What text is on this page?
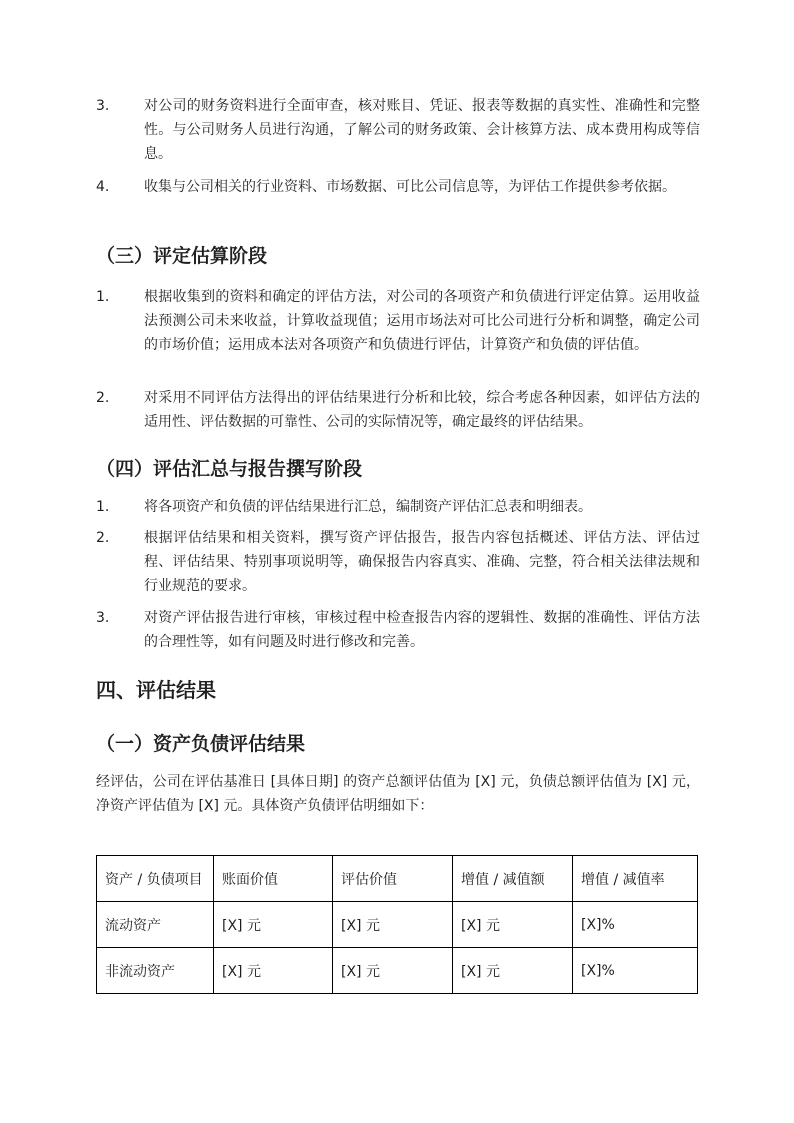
3.	对公司的财务资料进行全面审查，核对账目、凭证、报表等数据的真实性、准确性和完整性。与公司财务人员进行沟通，了解公司的财务政策、会计核算方法、成本费用构成等信息。
4.	收集与公司相关的行业资料、市场数据、可比公司信息等，为评估工作提供参考依据。
（三）评定估算阶段
1.	根据收集到的资料和确定的评估方法，对公司的各项资产和负债进行评定估算。运用收益法预测公司未来收益，计算收益现值；运用市场法对可比公司进行分析和调整，确定公司的市场价值；运用成本法对各项资产和负债进行评估，计算资产和负债的评估值。
2.	对采用不同评估方法得出的评估结果进行分析和比较，综合考虑各种因素，如评估方法的适用性、评估数据的可靠性、公司的实际情况等，确定最终的评估结果。
（四）评估汇总与报告撰写阶段
1.	将各项资产和负债的评估结果进行汇总，编制资产评估汇总表和明细表。
2.	根据评估结果和相关资料，撰写资产评估报告，报告内容包括概述、评估方法、评估过程、评估结果、特别事项说明等，确保报告内容真实、准确、完整，符合相关法律法规和行业规范的要求。
3.	对资产评估报告进行审核，审核过程中检查报告内容的逻辑性、数据的准确性、评估方法的合理性等，如有问题及时进行修改和完善。
四、评估结果
（一）资产负债评估结果
经评估，公司在评估基准日 [具体日期] 的资产总额评估值为 [X] 元，负债总额评估值为 [X] 元，净资产评估值为 [X] 元。具体资产负债评估明细如下：
资产 / 负债项目	账面价值	评估价值	增值 / 减值额	增值 / 减值率
流动资产	[X] 元	[X] 元	[X] 元	[X]%
非流动资产	[X] 元	[X] 元	[X] 元	[X]%
